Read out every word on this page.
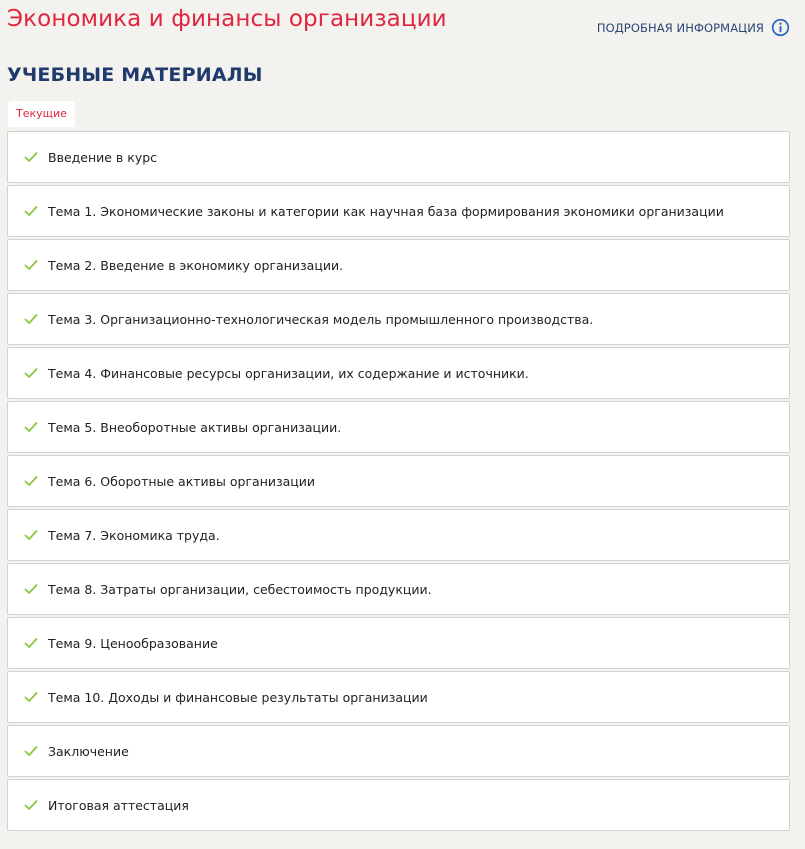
Экономика и финансы организации	ПОДРОБНАЯ ИНФОРМАЦИЯ
УЧЕБНЫЕ МАТЕРИАЛЫ
Текущие
Введение в курс
Тема 1. Экономические законы и категории как научная база формирования экономики организации
Тема 2. Введение в экономику организации.
Тема 3. Организационно-технологическая модель промышленного производства.
Тема 4. Финансовые ресурсы организации, их содержание и источники.
Тема 5. Внеоборотные активы организации.
Тема 6. Оборотные активы организации
Тема 7. Экономика труда.
Тема 8. Затраты организации, себестоимость продукции.
Тема 9. Ценообразование
Тема 10. Доходы и финансовые результаты организации
Заключение
Итоговая аттестация
